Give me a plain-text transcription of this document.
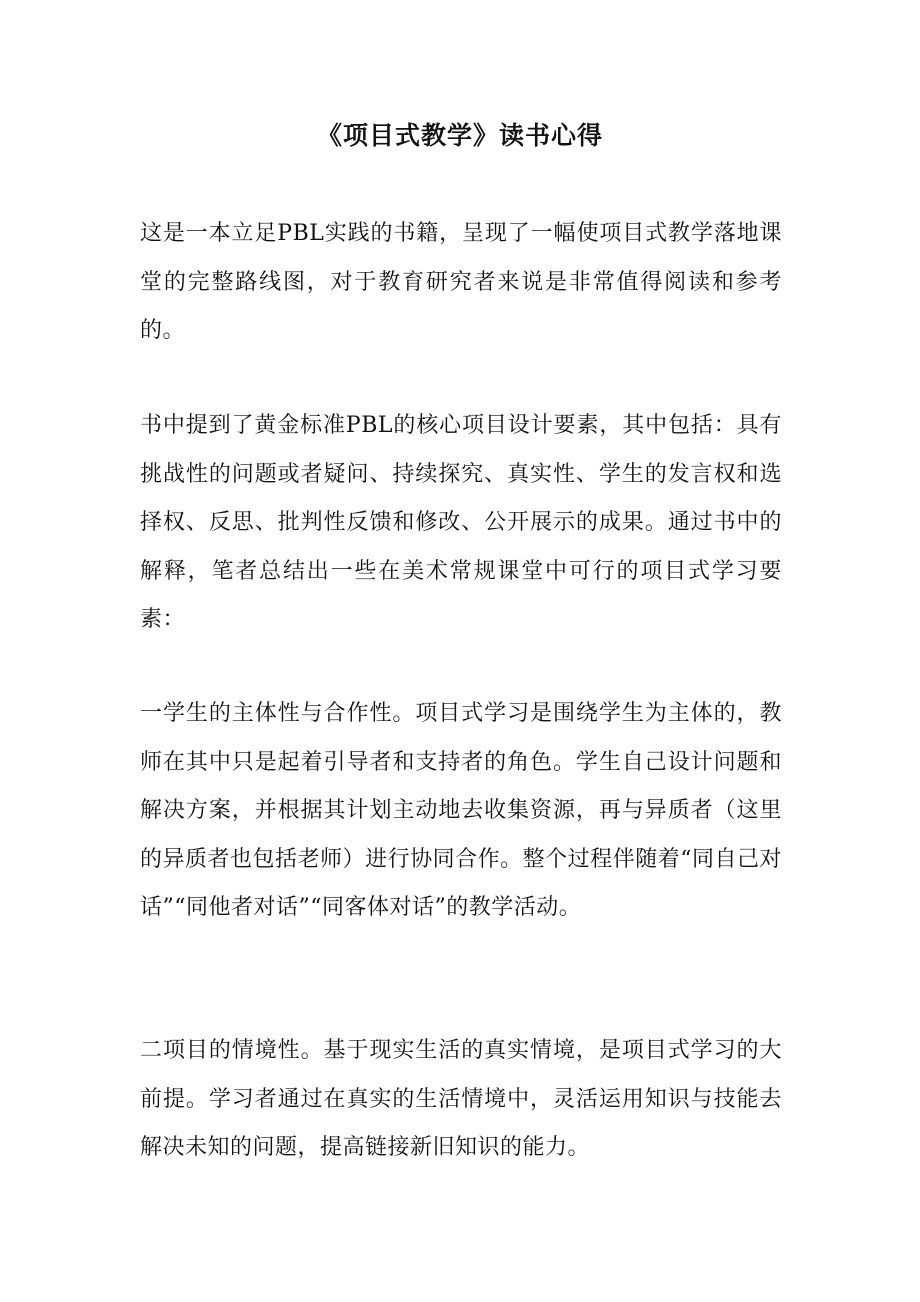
《项目式教学》读书心得

这是一本立足PBL实践的书籍，呈现了一幅使项目式教学落地课堂的完整路线图，对于教育研究者来说是非常值得阅读和参考的。

书中提到了黄金标准PBL的核心项目设计要素，其中包括：具有挑战性的问题或者疑问、持续探究、真实性、学生的发言权和选择权、反思、批判性反馈和修改、公开展示的成果。通过书中的解释，笔者总结出一些在美术常规课堂中可行的项目式学习要素：

一学生的主体性与合作性。项目式学习是围绕学生为主体的，教师在其中只是起着引导者和支持者的角色。学生自己设计问题和解决方案，并根据其计划主动地去收集资源，再与异质者（这里的异质者也包括老师）进行协同合作。整个过程伴随着“同自己对话”“同他者对话”“同客体对话”的教学活动。

二项目的情境性。基于现实生活的真实情境，是项目式学习的大前提。学习者通过在真实的生活情境中，灵活运用知识与技能去解决未知的问题，提高链接新旧知识的能力。
